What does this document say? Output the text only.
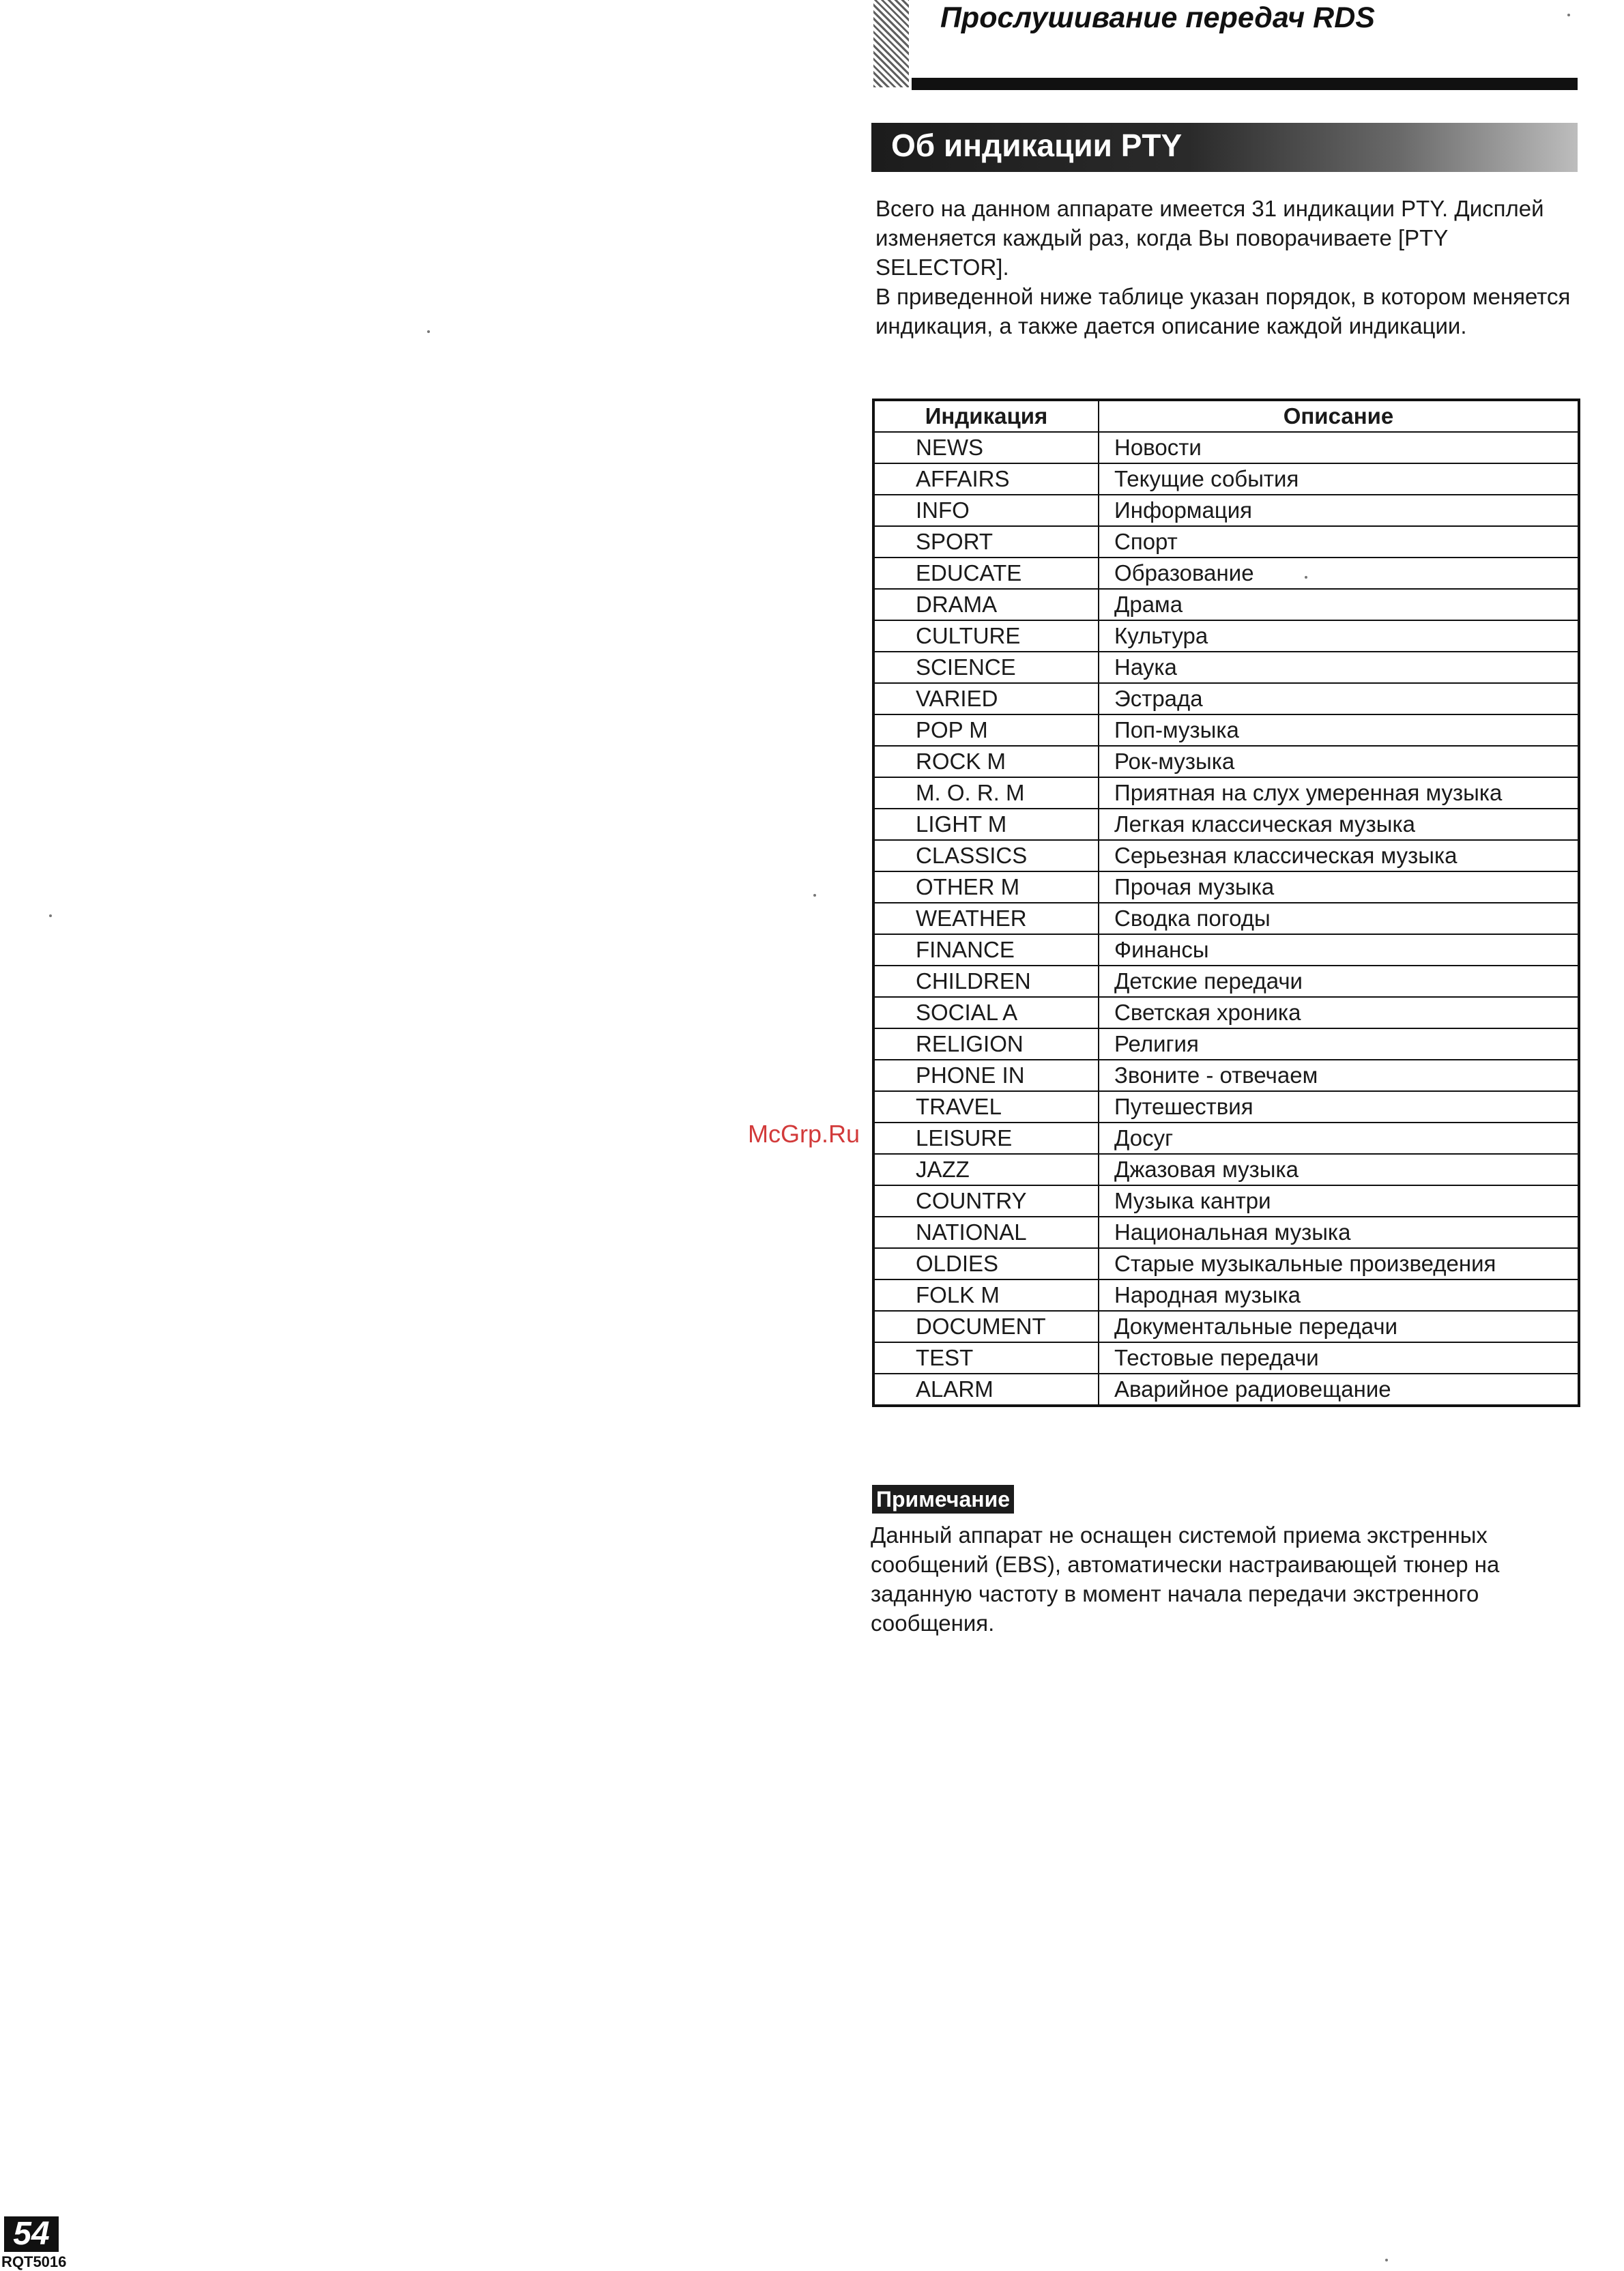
Прослушивание передач RDS
Об индикации PTY

Всего на данном аппарате имеется 31 индикации PTY. Дисплей изменяется каждый раз, когда Вы поворачиваете [PTY SELECTOR].

В приведенной ниже таблице указан порядок, в котором меняется индикация, а также дается описание каждой индикации.

Индикация	Описание
NEWS	Новости
AFFAIRS	Текущие события
INFO	Информация
SPORT	Спорт
EDUCATE	Образование
DRAMA	Драма
CULTURE	Культура
SCIENCE	Наука
VARIED	Эстрада
POP M	Поп-музыка
ROCK M	Рок-музыка
M. O. R. M	Приятная на слух умеренная музыка
LIGHT M	Легкая классическая музыка
CLASSICS	Серьезная классическая музыка
OTHER M	Прочая музыка
WEATHER	Сводка погоды
FINANCE	Финансы
CHILDREN	Детские передачи
SOCIAL A	Светская хроника
RELIGION	Религия
PHONE IN	Звоните - отвечаем
TRAVEL	Путешествия
LEISURE	Досуг
JAZZ	Джазовая музыка
COUNTRY	Музыка кантри
NATIONAL	Национальная музыка
OLDIES	Старые музыкальные произведения
FOLK M	Народная музыка
DOCUMENT	Документальные передачи
TEST	Тестовые передачи
ALARM	Аварийное радиовещание
Примечание
Данный аппарат не оснащен системой приема экстренных сообщений (EBS), автоматически настраивающей тюнер на заданную частоту в момент начала передачи экстренного сообщения.
McGrp.Ru
54
RQT5016
